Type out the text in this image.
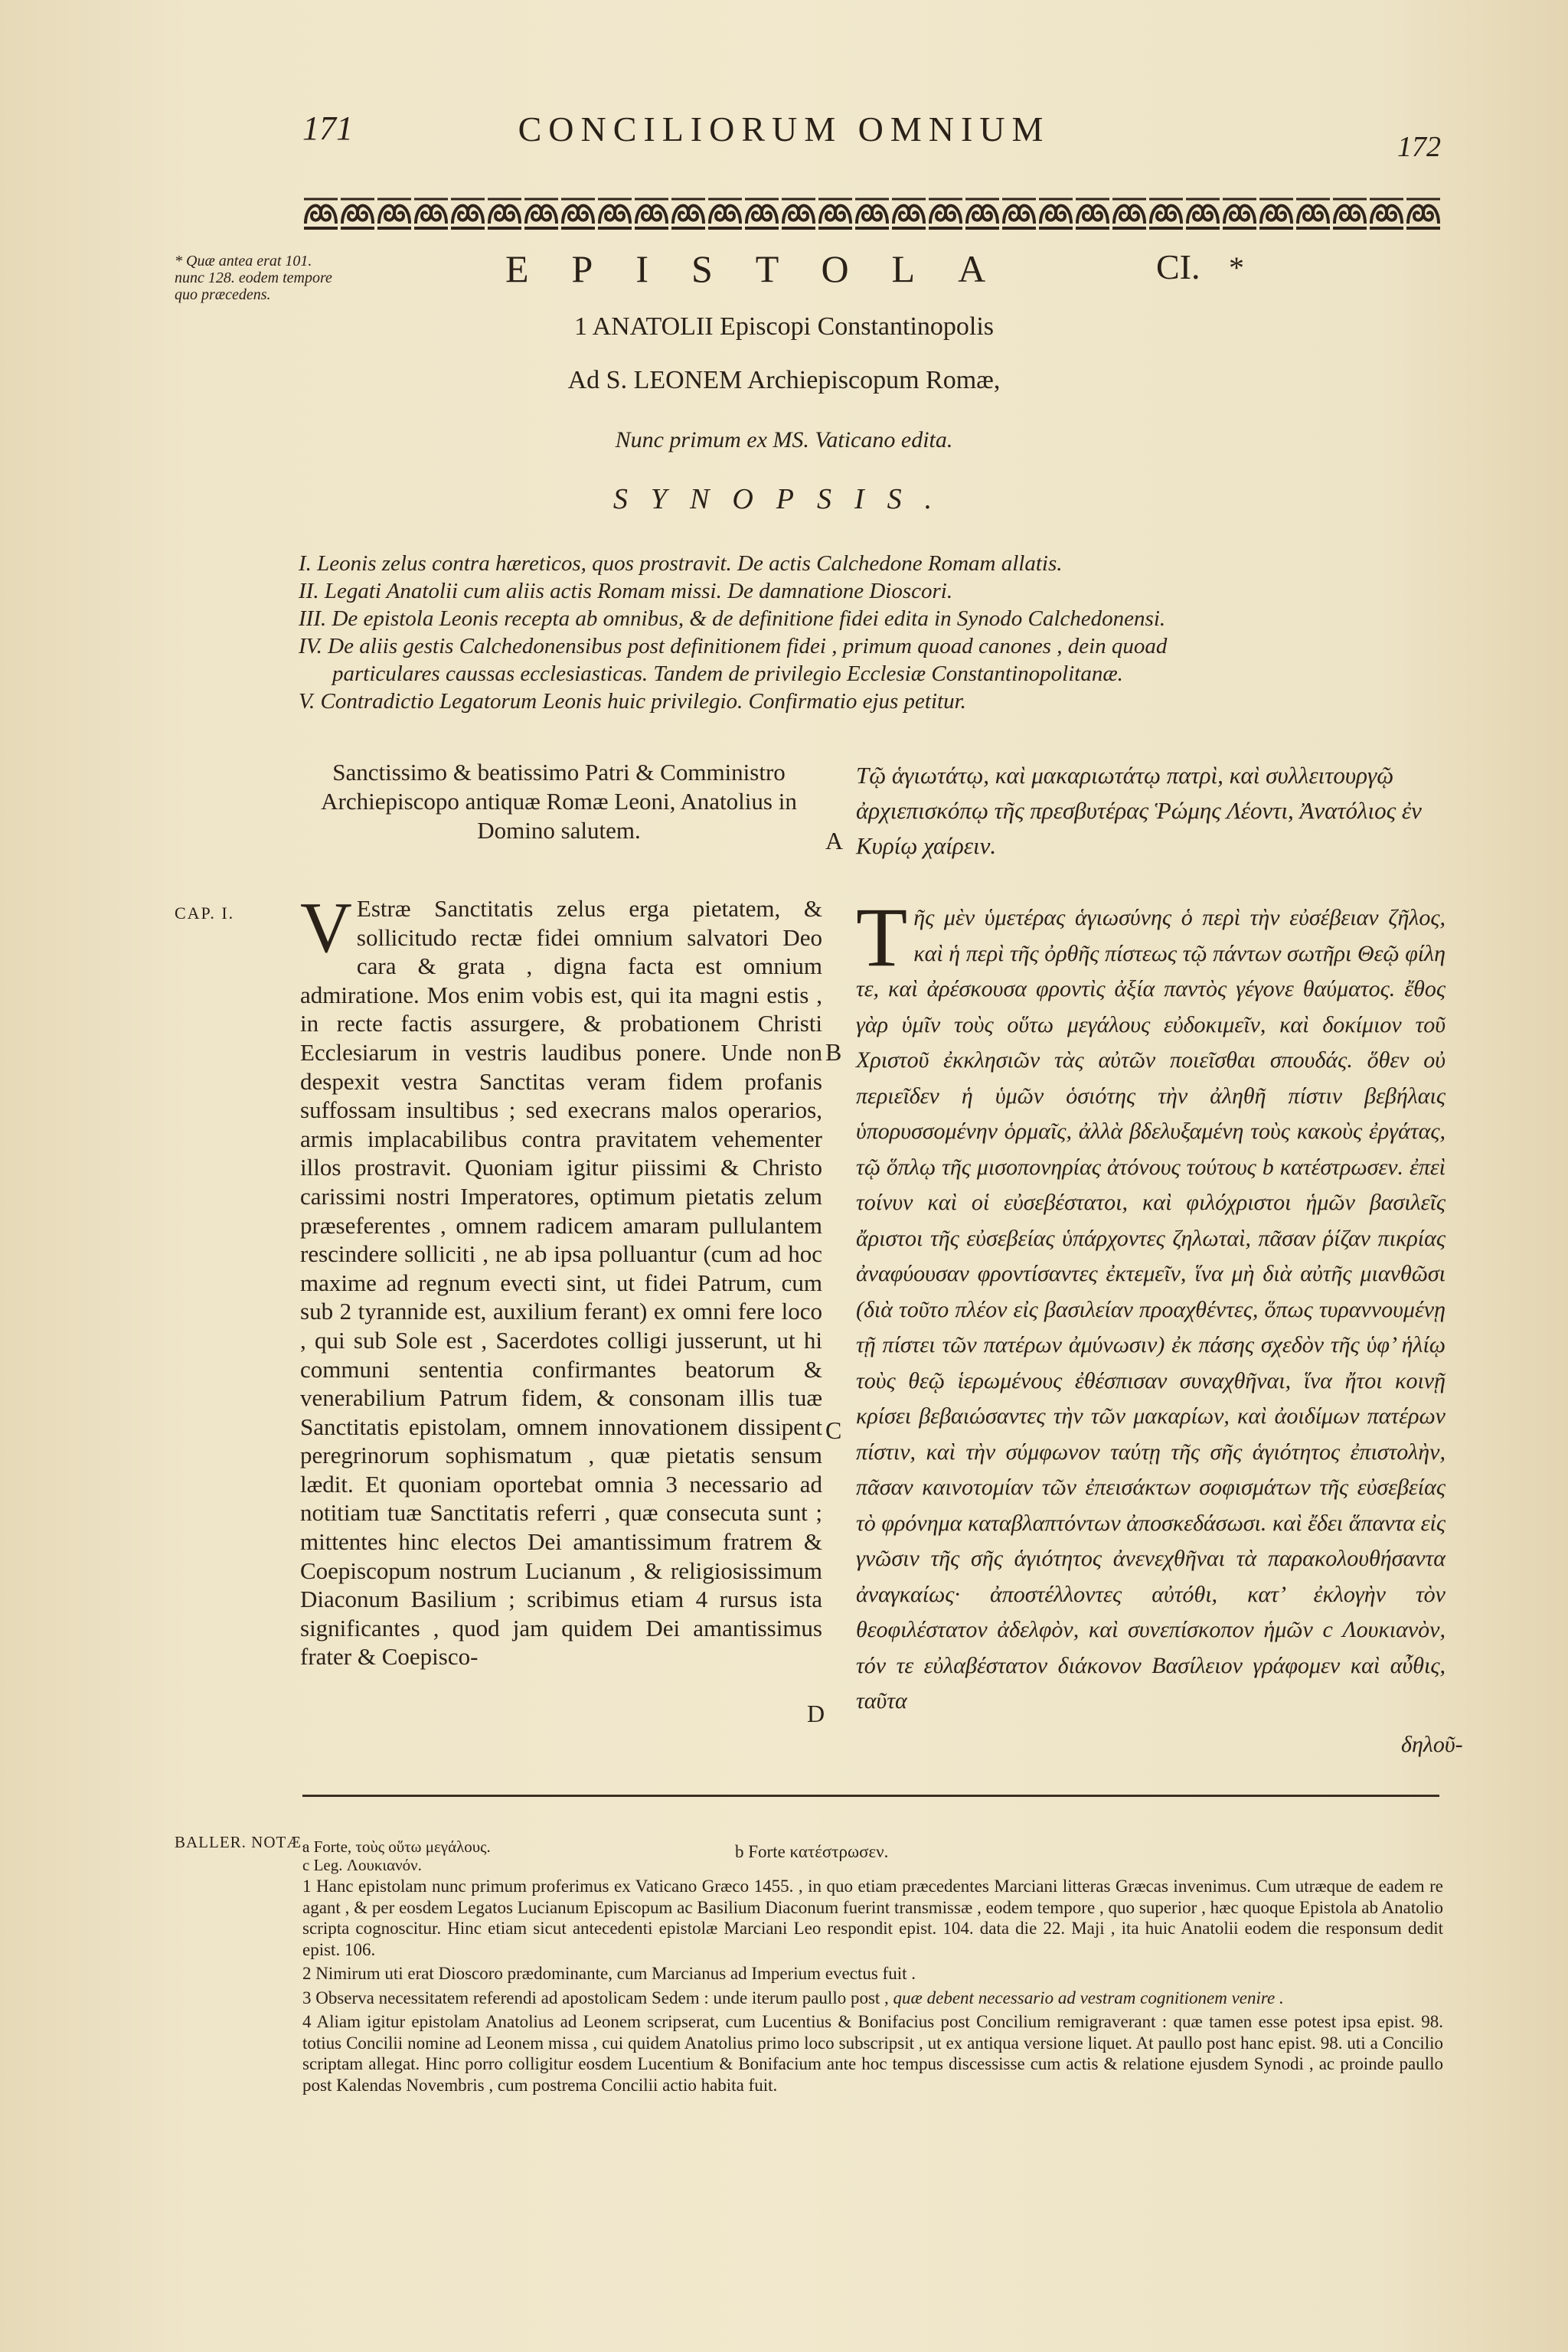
171	CONCILIORUM OMNIUM	172
* Quæ antea erat 101. nunc 128. eodem tempore quo præcedens.
EPISTOLA	CI. *
1 ANATOLII Episcopi Constantinopolis
Ad S. LEONEM Archiepiscopum Romæ,
Nunc primum ex MS. Vaticano edita.
SYNOPSIS.
I. Leonis zelus contra hæreticos, quos prostravit. De actis Calchedone Romam allatis.
II. Legati Anatolii cum aliis actis Romam missi. De damnatione Dioscori.
III. De epistola Leonis recepta ab omnibus, & de definitione fidei edita in Synodo Calchedonensi.
IV. De aliis gestis Calchedonensibus post definitionem fidei , primum quoad canones , dein quoad
particulares caussas ecclesiasticas. Tandem de privilegio Ecclesiæ Constantinopolitanæ.
V. Contradictio Legatorum Leonis huic privilegio. Confirmatio ejus petitur.
Sanctissimo & beatissimo Patri & Comministro Archiepiscopo antiquæ Romæ Leoni, Anatolius in Domino salutem.
Τῷ ἁγιωτάτῳ, καὶ μακαριωτάτῳ πατρὶ, καὶ συλλειτουργῷ ἀρχιεπισκόπῳ τῆς πρεσβυτέρας Ῥώμης Λέοντι, Ἀνατόλιος ἐν Κυρίῳ χαίρειν.
A
B
C
D
CAP. I. V Estræ Sanctitatis zelus erga pietatem, & sollicitudo rectæ fidei omnium salvatori Deo cara & grata , digna facta est omnium admiratione. Mos enim vobis est, qui ita magni estis , in recte factis assurgere, & probationem Christi Ecclesiarum in vestris laudibus ponere. Unde non despexit vestra Sanctitas veram fidem profanis suffossam insultibus ; sed execrans malos operarios, armis implacabilibus contra pravitatem vehementer illos prostravit. Quoniam igitur piissimi & Christo carissimi nostri Imperatores, optimum pietatis zelum præseferentes , omnem radicem amaram pullulantem rescindere solliciti , ne ab ipsa polluantur (cum ad hoc maxime ad regnum evecti sint, ut fidei Patrum, cum sub 2 tyrannide est, auxilium ferant) ex omni fere loco , qui sub Sole est , Sacerdotes colligi jusserunt, ut hi communi sententia confirmantes beatorum & venerabilium Patrum fidem, & consonam illis tuæ Sanctitatis epistolam, omnem innovationem dissipent peregrinorum sophismatum , quæ pietatis sensum lædit. Et quoniam oportebat omnia 3 necessario ad notitiam tuæ Sanctitatis referri , quæ consecuta sunt ; mittentes hinc electos Dei amantissimum fratrem & Coepiscopum nostrum Lucianum , & religiosissimum Diaconum Basilium ; scribimus etiam 4 rursus ista significantes , quod jam quidem Dei amantissimus frater & Coepisco-
Τῆς μὲν ὑμετέρας ἁγιωσύνης ὁ περὶ τὴν εὐσέβειαν ζῆλος, καὶ ἡ περὶ τῆς ὀρθῆς πίστεως τῷ πάντων σωτῆρι Θεῷ φίλη τε, καὶ ἀρέσκουσα φροντὶς ἀξία παντὸς γέγονε θαύματος. ἔθος γὰρ ὑμῖν τοὺς οὕτω μεγάλους εὐδοκιμεῖν, καὶ δοκίμιον τοῦ Χριστοῦ ἐκκλησιῶν τὰς αὐτῶν ποιεῖσθαι σπουδάς. ὅθεν οὐ περιεῖδεν ἡ ὑμῶν ὁσιότης τὴν ἀληθῆ πίστιν βεβήλαις ὑπορυσσομένην ὁρμαῖς, ἀλλὰ βδελυξαμένη τοὺς κακοὺς ἐργάτας, τῷ ὅπλῳ τῆς μισοπονηρίας ἀτόνους τούτους b κατέστρωσεν. ἐπεὶ τοίνυν καὶ οἱ εὐσεβέστατοι, καὶ φιλόχριστοι ἡμῶν βασιλεῖς ἄριστοι τῆς εὐσεβείας ὑπάρχοντες ζηλωταὶ, πᾶσαν ῥίζαν πικρίας ἀναφύουσαν φροντίσαντες ἐκτεμεῖν, ἵνα μὴ διὰ αὐτῆς μιανθῶσι (διὰ τοῦτο πλέον εἰς βασιλείαν προαχθέντες, ὅπως τυραννουμένῃ τῇ πίστει τῶν πατέρων ἀμύνωσιν) ἐκ πάσης σχεδὸν τῆς ὑφ’ ἡλίῳ τοὺς θεῷ ἱερωμένους ἐθέσπισαν συναχθῆναι, ἵνα ἤτοι κοινῇ κρίσει βεβαιώσαντες τὴν τῶν μακαρίων, καὶ ἀοιδίμων πατέρων πίστιν, καὶ τὴν σύμφωνον ταύτῃ τῆς σῆς ἁγιότητος ἐπιστολὴν, πᾶσαν καινοτομίαν τῶν ἐπεισάκτων σοφισμάτων τῆς εὐσεβείας τὸ φρόνημα καταβλαπτόντων ἀποσκεδάσωσι. καὶ ἔδει ἅπαντα εἰς γνῶσιν τῆς σῆς ἁγιότητος ἀνενεχθῆναι τὰ παρακολουθήσαντα ἀναγκαίως· ἀποστέλλοντες αὐτόθι, κατ’ ἐκλογὴν τὸν θεοφιλέστατον ἀδελφὸν, καὶ συνεπίσκοπον ἡμῶν c Λουκιανὸν, τόν τε εὐλαβέστατον διάκονον Βασίλειον γράφομεν καὶ αὖθις, ταῦτα
δηλοῦ-
BALLER. NOTÆ.
a Forte, τοὺς οὕτω μεγάλους.	b Forte κατέστρωσεν.
c Leg. Λουκιανόν.

1 Hanc epistolam nunc primum proferimus ex Vaticano Græco 1455. , in quo etiam præcedentes Marciani litteras Græcas invenimus. Cum utræque de eadem re agant , & per eosdem Legatos Lucianum Episcopum ac Basilium Diaconum fuerint transmissæ , eodem tempore , quo superior , hæc quoque Epistola ab Anatolio scripta cognoscitur. Hinc etiam sicut antecedenti epistolæ Marciani Leo respondit epist. 104. data die 22. Maji , ita huic Anatolii eodem die responsum dedit epist. 106.

2 Nimirum uti erat Dioscoro prædominante, cum Marcianus ad Imperium evectus fuit .

3 Observa necessitatem referendi ad apostolicam Sedem : unde iterum paullo post , quæ debent necessario ad vestram cognitionem venire .

4 Aliam igitur epistolam Anatolius ad Leonem scripserat, cum Lucentius & Bonifacius post Concilium remigraverant : quæ tamen esse potest ipsa epist. 98. totius Concilii nomine ad Leonem missa , cui quidem Anatolius primo loco subscripsit , ut ex antiqua versione liquet. At paullo post hanc epist. 98. uti a Concilio scriptam allegat. Hinc porro colligitur eosdem Lucentium & Bonifacium ante hoc tempus discessisse cum actis & relatione ejusdem Synodi , ac proinde paullo post Kalendas Novembris , cum postrema Concilii actio habita fuit.
